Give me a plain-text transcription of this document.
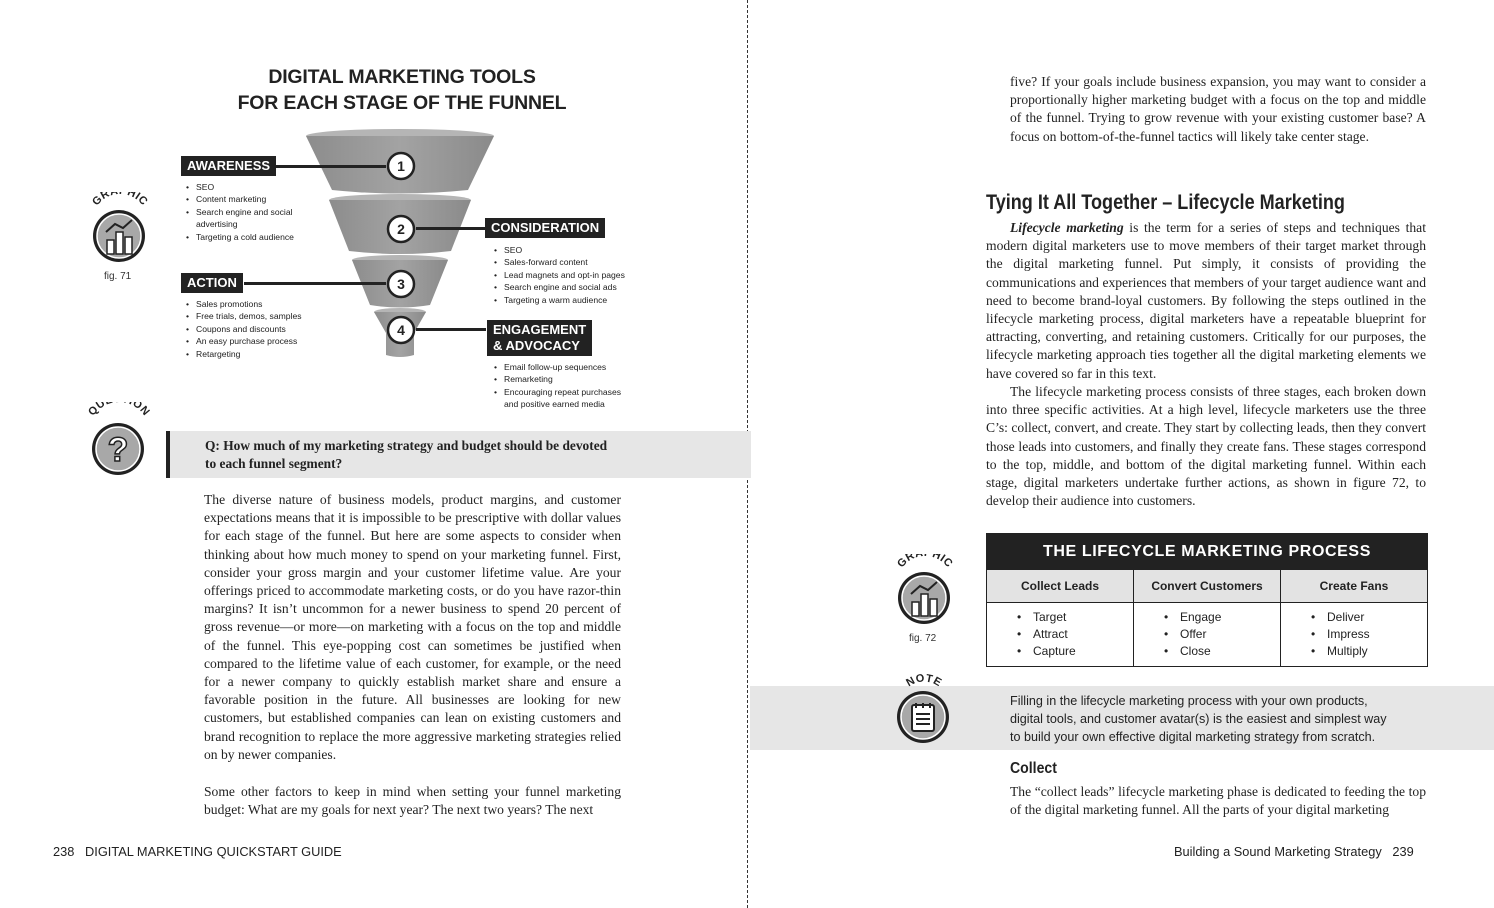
DIGITAL MARKETING TOOLS
FOR EACH STAGE OF THE FUNNEL
1
2
3
4
AWARENESS
CONSIDERATION
ACTION
ENGAGEMENT
& ADVOCACY
• SEO
• Content marketing
• Search engine and social
advertising
• Targeting a cold audience
• SEO
• Sales-forward content
• Lead magnets and opt-in pages
• Search engine and social ads
• Targeting a warm audience
• Sales promotions
• Free trials, demos, samples
• Coupons and discounts
• An easy purchase process
• Retargeting
• Email follow-up sequences
• Remarketing
• Encouraging repeat purchases
and positive earned media
GR HIC
fig. 71
QU ON
?	Q: How much of my marketing strategy and budget should be devoted
to each funnel segment?

The diverse nature of business models, product margins, and customer expectations means that it is impossible to be prescriptive with dollar values for each stage of the funnel. But here are some aspects to consider when thinking about how much money to spend on your marketing funnel. First, consider your gross margin and your customer lifetime value. Are your offerings priced to accommodate marketing costs, or do you have razor-thin margins? It isn’t uncommon for a newer business to spend 20 percent of gross revenue—or more—on marketing with a focus on the top and middle of the funnel. This eye-popping cost can sometimes be justified when compared to the lifetime value of each customer, for example, or the need for a newer company to quickly establish market share and ensure a favorable position in the future. All businesses are looking for new customers, but established companies can lean on existing customers and brand recognition to replace the more aggressive marketing strategies relied on by newer companies.

Some other factors to keep in mind when setting your funnel marketing budget: What are my goals for next year? The next two years? The next

238 DIGITAL MARKETING QUICKSTART GUIDE

five? If your goals include business expansion, you may want to consider a proportionally higher marketing budget with a focus on the top and middle of the funnel. Trying to grow revenue with your existing customer base? A focus on bottom-of-the-funnel tactics will likely take center stage.

Tying It All Together – Lifecycle Marketing

Lifecycle marketing is the term for a series of steps and techniques that modern digital marketers use to move members of their target market through the digital marketing funnel. Put simply, it consists of providing the communications and experiences that members of your target audience want and need to become brand-loyal customers. By following the steps outlined in the lifecycle marketing process, digital marketers have a repeatable blueprint for attracting, converting, and retaining customers. Critically for our purposes, the lifecycle marketing approach ties together all the digital marketing elements we have covered so far in this text.

The lifecycle marketing process consists of three stages, each broken down into three specific activities. At a high level, lifecycle marketers use the three C’s: collect, convert, and create. They start by collecting leads, then they convert those leads into customers, and finally they create fans. These stages correspond to the top, middle, and bottom of the digital marketing funnel. Within each stage, digital marketers undertake further actions, as shown in figure 72, to develop their audience into customers.

GR HIC
fig. 72
THE LIFECYCLE MARKETING PROCESS
Collect Leads
• Target
• Attract
• Capture
Convert Customers
• Engage
• Offer
• Close
Create Fans
• Deliver
• Impress
• Multiply
NOTE
Filling in the lifecycle marketing process with your own products,
digital tools, and customer avatar(s) is the easiest and simplest way
to build your own effective digital marketing strategy from scratch.
Collect

The “collect leads” lifecycle marketing phase is dedicated to feeding the top of the digital marketing funnel. All the parts of your digital marketing

Building a Sound Marketing Strategy 239
